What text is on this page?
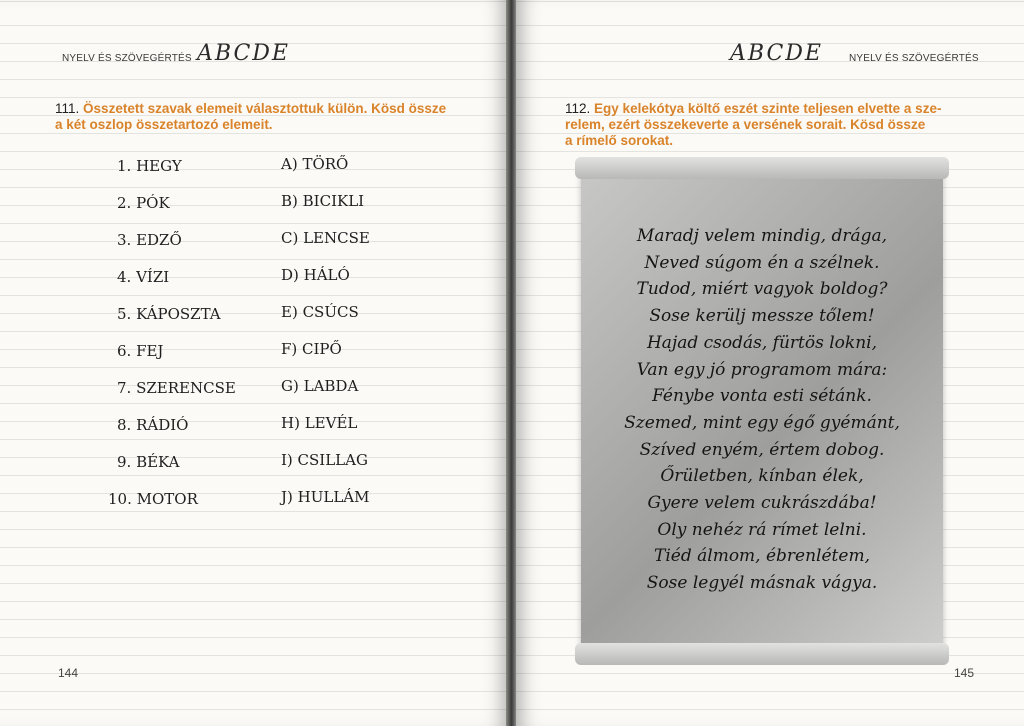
NYELV ÉS SZÖVEGÉRTÉS ABCDE
111. Összetett szavak elemeit választottuk külön. Kösd össze
a két oszlop összetartozó elemeit.
1. HEGY
2. PÓK
3. EDZŐ
4. VÍZI
5. KÁPOSZTA
6. FEJ
7. SZERENCSE
8. RÁDIÓ
9. BÉKA
10. MOTOR
A) TÖRŐ
B) BICIKLI
C) LENCSE
D) HÁLÓ
E) CSÚCS
F) CIPŐ
G) LABDA
H) LEVÉL
I) CSILLAG
J) HULLÁM
144
ABCDE	NYELV ÉS SZÖVEGÉRTÉS
112. Egy kelekótya költő eszét szinte teljesen elvette a sze-
relem, ezért összekeverte a versének sorait. Kösd össze
a rímelő sorokat.
145
Maradj velem mindig, drága,
Neved súgom én a szélnek.
Tudod, miért vagyok boldog?
Sose kerülj messze tőlem!
Hajad csodás, fürtös lokni,
Van egy jó programom mára:
Fénybe vonta esti sétánk.
Szemed, mint egy égő gyémánt,
Szíved enyém, értem dobog.
Őrületben, kínban élek,
Gyere velem cukrászdába!
Oly nehéz rá rímet lelni.
Tiéd álmom, ébrenlétem,
Sose legyél másnak vágya.
